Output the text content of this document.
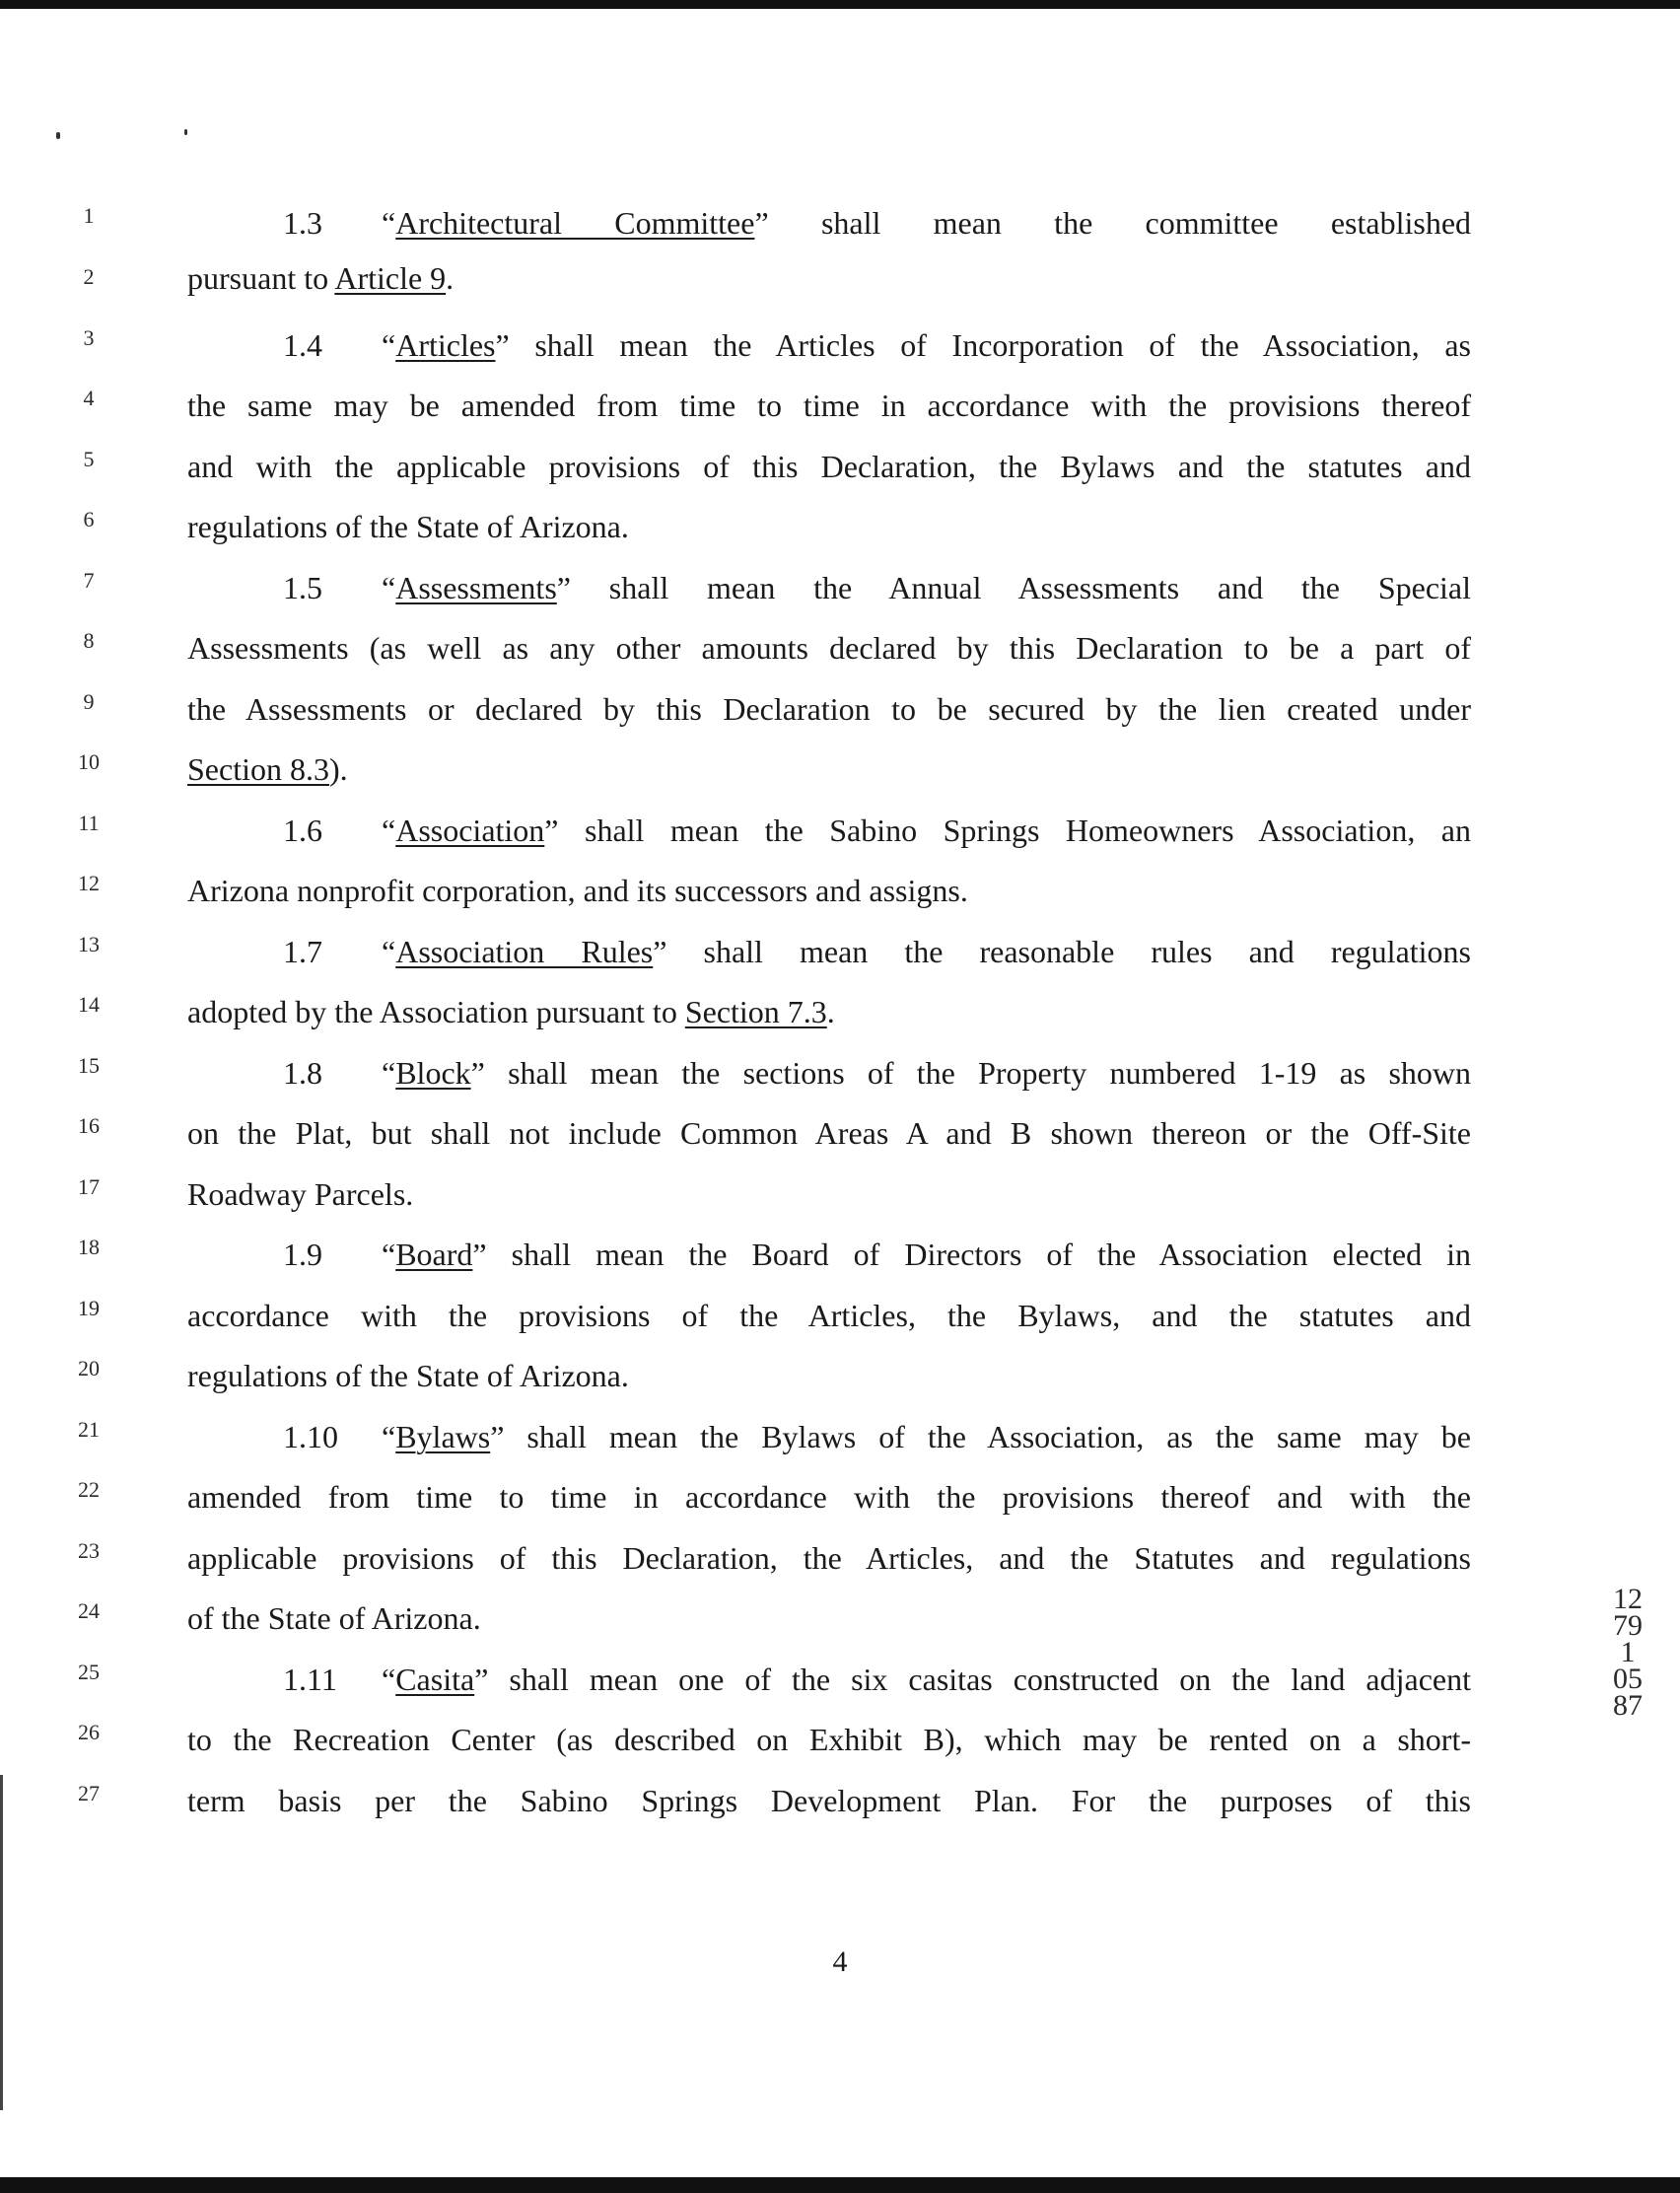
1
2
3
4
5
6
7
8
9
10
11
12
13
14
15
16
17
18
19
20
21
22
23
24
25
26
27
1.3 “Architectural Committee” shall mean the committee established
pursuant to Article 9.
1.4 “Articles” shall mean the Articles of Incorporation of the Association, as
the same may be amended from time to time in accordance with the provisions thereof
and with the applicable provisions of this Declaration, the Bylaws and the statutes and
regulations of the State of Arizona.
1.5 “Assessments” shall mean the Annual Assessments and the Special
Assessments (as well as any other amounts declared by this Declaration to be a part of
the Assessments or declared by this Declaration to be secured by the lien created under
Section 8.3).
1.6 “Association” shall mean the Sabino Springs Homeowners Association, an
Arizona nonprofit corporation, and its successors and assigns.
1.7 “Association Rules” shall mean the reasonable rules and regulations
adopted by the Association pursuant to Section 7.3.
1.8 “Block” shall mean the sections of the Property numbered 1-19 as shown
on the Plat, but shall not include Common Areas A and B shown thereon or the Off-Site
Roadway Parcels.
1.9 “Board” shall mean the Board of Directors of the Association elected in
accordance with the provisions of the Articles, the Bylaws, and the statutes and
regulations of the State of Arizona.
1.10 “Bylaws” shall mean the Bylaws of the Association, as the same may be
amended from time to time in accordance with the provisions thereof and with the
applicable provisions of this Declaration, the Articles, and the Statutes and regulations
of the State of Arizona.
1.11 “Casita” shall mean one of the six casitas constructed on the land adjacent
to the Recreation Center (as described on Exhibit B), which may be rented on a short-
term basis per the Sabino Springs Development Plan. For the purposes of this
12791 0587
4
